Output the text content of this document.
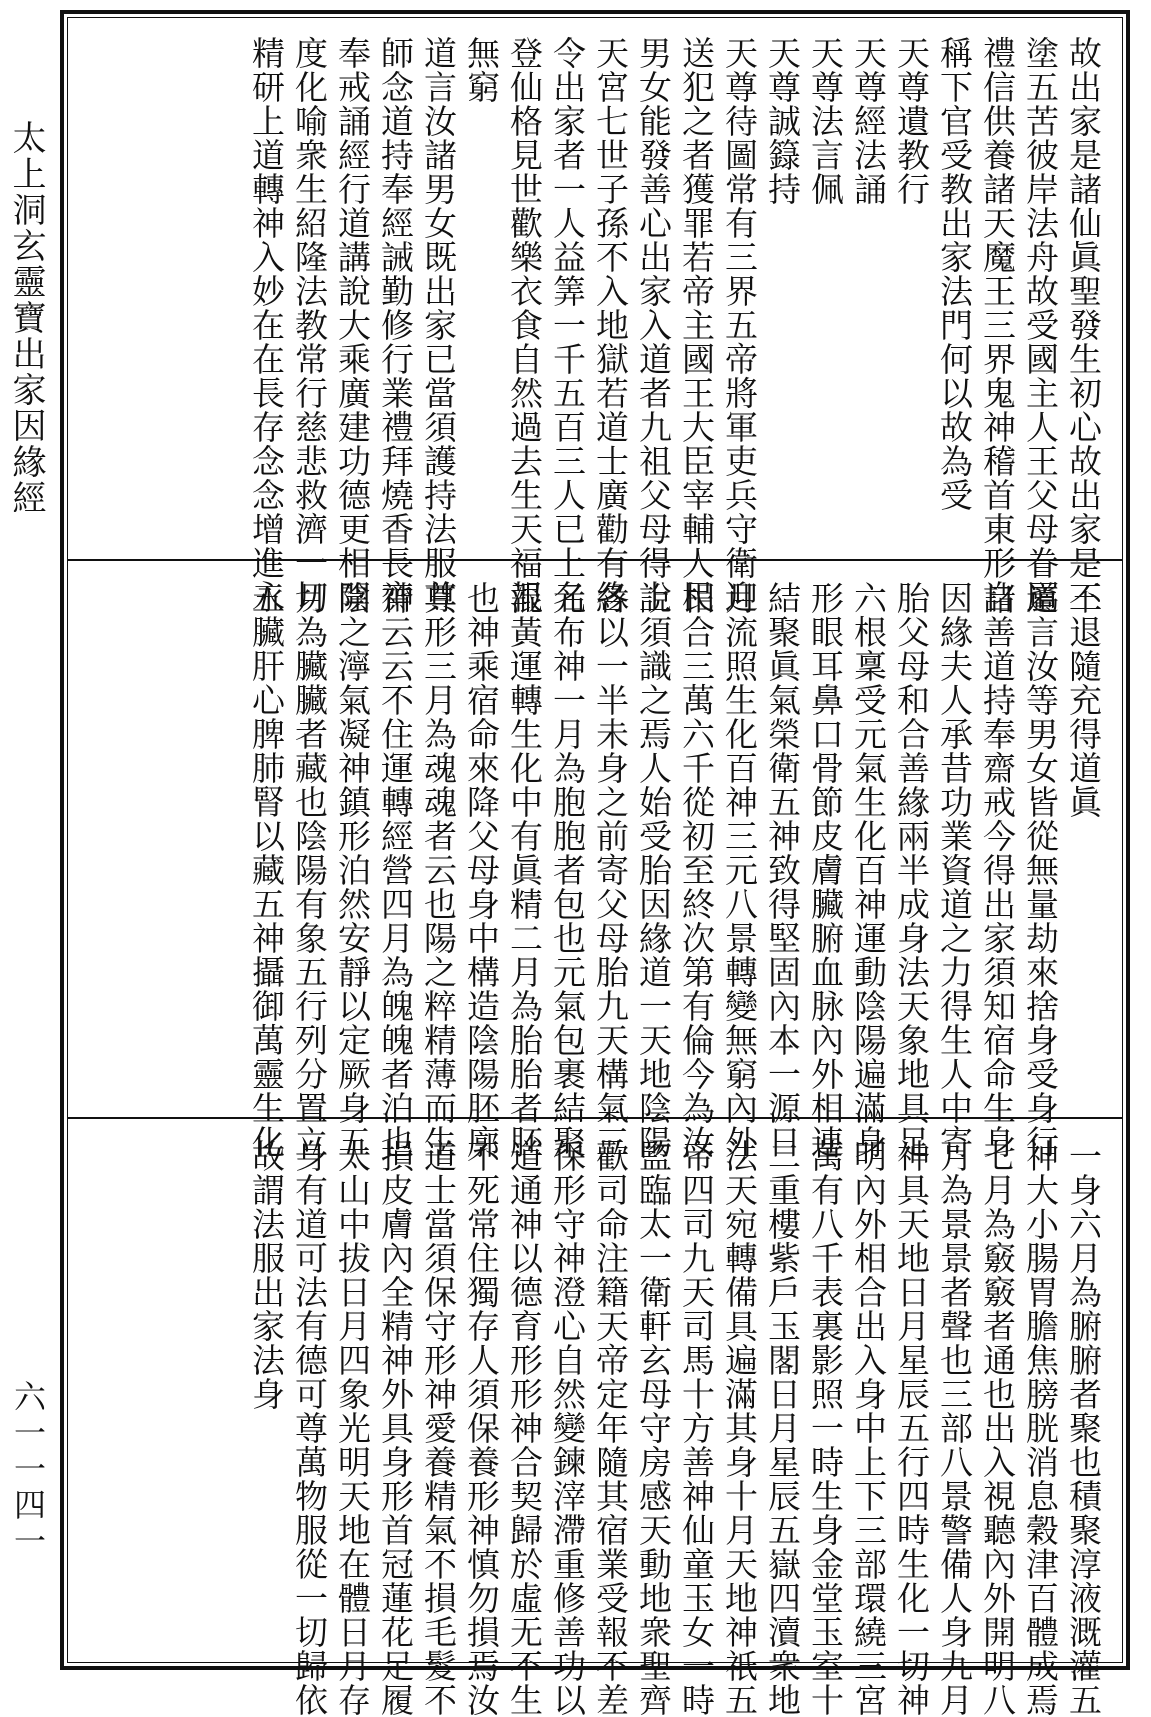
太上洞玄靈寶出家因緣經
六一一四一
故出家是諸仙眞聖發生初心故出家是三
塗五苦彼岸法舟故受國主人王父母眷屬
禮信供養諸天魔王三界鬼神稽首東形自
稱下官受教出家法門何以故為受
天尊遺教行
天尊經法誦
天尊法言佩
天尊誠籙持
天尊待圖常有三界五帝將軍吏兵守衛迎
送犯之者獲罪若帝主國王大臣宰輔人民
男女能發善心出家入道者九祖父母得上
天宮七世子孫不入地獄若道士廣勸有緣
令出家者一人益筭一千五百三人已上名
登仙格見世歡樂衣食自然過去生天福報
無窮
道言汝諸男女既出家已當須護持法服尊
師念道持奉經誡勤修行業禮拜燒香長齋
奉戒誦經行道講說大乘廣建功德更相開
度化喻衆生紹隆法教常行慈悲救濟一切
精研上道轉神入妙在在長存念念增進永
不退隨充得道眞
道言汝等男女皆從無量劫來捨身受身行
諸善道持奉齋戒今得出家須知宿命生身
因緣夫人承昔功業資道之力得生人中寄
胎父母和合善緣兩半成身法天象地具足
六根稟受元氣生化百神運動陰陽遍滿身
形眼耳鼻口骨節皮膚臟腑血脉內外相連
結聚眞氣榮衛五神致得堅固內本一源日
月流照生化百神三元八景轉變無窮內外
相合三萬六千從初至終次第有倫今為汝
說須識之焉人始受胎因緣道一天地陰陽
各以一半未身之前寄父母胎九天構氣三
元布神一月為胞胞者包也元氣包裹結聚
混黃運轉生化中有眞精二月為胎胎者胚
也神乘宿命來降父母身中構造陰陽胚廓
其形三月為魂魂者云也陽之粹精薄而生
神云云不住運轉經營四月為魄魄者泊也
陰之濘氣凝神鎮形泊然安靜以定厥身五
月為臟臟者藏也陰陽有象五行列分置立
五臟肝心脾肺腎以藏五神攝御萬靈生化
一身六月為腑腑者聚也積聚淳液溉灌五
神大小腸胃膽焦膀胱消息穀津百體成焉
七月為竅竅者通也出入視聽內外開明八
月為景景者聲也三部八景警備人身九月
神具天地日月星辰五行四時生化一切神
明內外相合出入身中上下三部環繞三宮
萬有八千表裏影照一時生身金堂玉室十
二重樓紫戶玉閣日月星辰五嶽四瀆衆地
法天宛轉備具遍滿其身十月天地神祇五
帝四司九天司馬十方善神仙童玉女一時
監臨太一衛軒玄母守房感天動地衆聖齊
歡司命注籍天帝定年隨其宿業受報不差
保形守神澄心自然變鍊滓滯重修善功以
道通神以德育形形神合契歸於虛无不生
不死常住獨存人須保養形神慎勿損焉汝
道士當須保守形神愛養精氣不損毛髮不
損皮膚內全精神外具身形首冠蓮花足履
太山中拔日月四象光明天地在體日月存
身有道可法有德可尊萬物服從一切歸依
故謂法服出家法身
